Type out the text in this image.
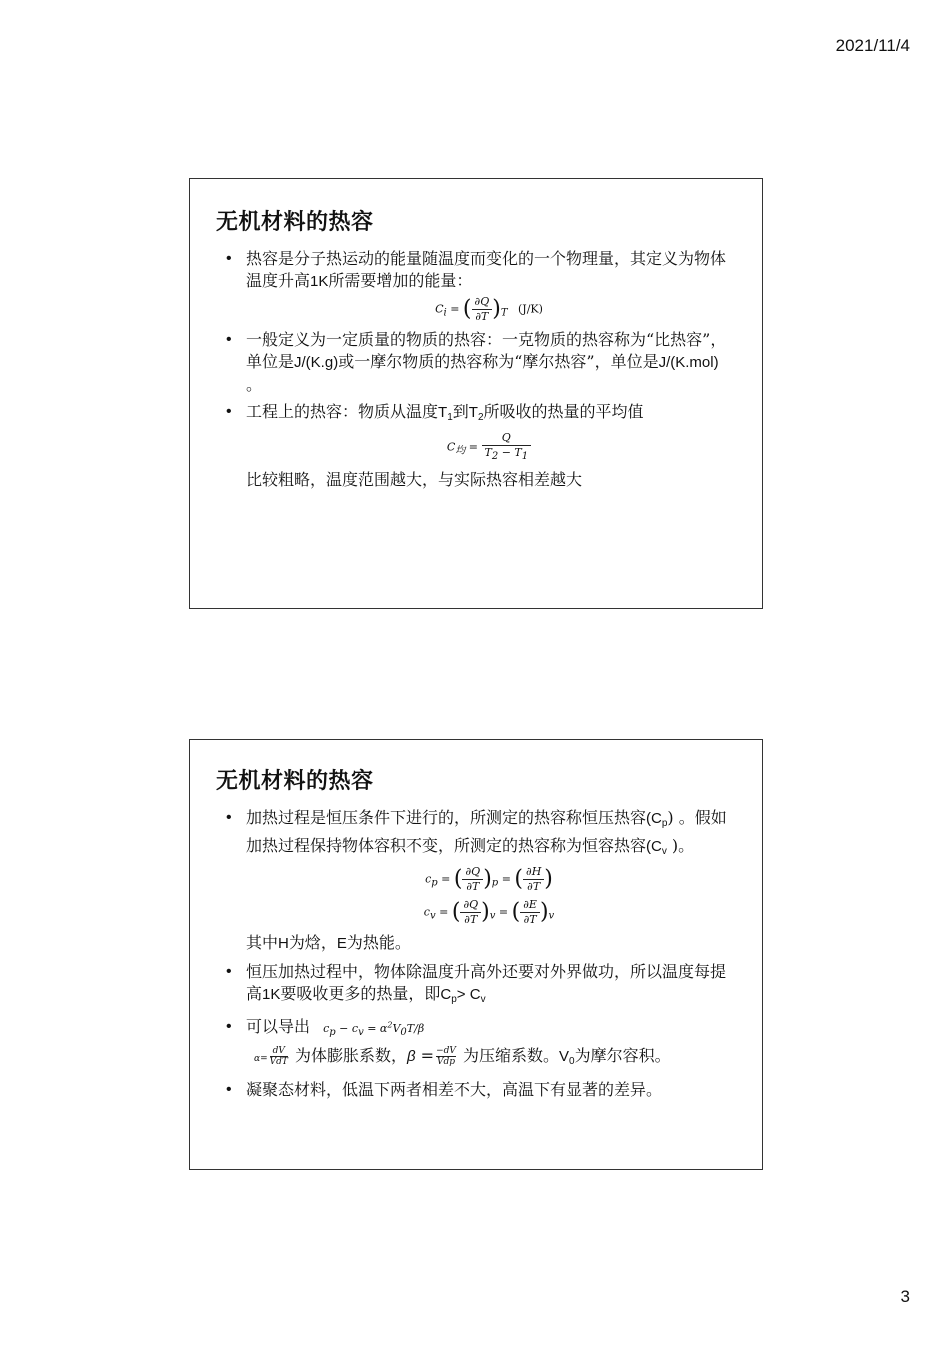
2021/11/4
无机材料的热容
• 热容是分子热运动的能量随温度而变化的一个物理量，其定义为物体温度升高1K所需要增加的能量：
$C_i$ = ( $\frac{\partial Q}{\partial T} )_T$ (J/K)
• 一般定义为一定质量的物质的热容：一克物质的热容称为“比热容”，单位是J/(K.g)或一摩尔物质的热容称为“摩尔热容”，单位是J/(K.mol) 。
• 工程上的热容：物质从温度$T_1$到$T_2$所吸收的热量的平均值
$C_均 = \frac{Q}{T_2 - T_1}$
比较粗略，温度范围越大，与实际热容相差越大
无机材料的热容
• 加热过程是恒压条件下进行的，所测定的热容称恒压热容$(C_p)$ 。假如加热过程保持物体容积不变，所测定的热容称为恒容热容($C_v$ )。
$c_p$ = ( $\frac{\partial Q}{\partial T} )_p$ = ( $\frac{\partial H}{\partial T}$ )
$c_v$ = ( $\frac{\partial Q}{\partial T} )_v$ = ( $\frac{\partial E}{\partial T} )_v$
其中H为焓，E为热能。
• 恒压加热过程中，物体除温度升高外还要对外界做功，所以温度每提高1K要吸收更多的热量，即$C_p> C_v$
• 可以导出 $c_p - c_v = \alpha^2V_0T/\beta$
$\alpha= \frac{dV}{\text{VdT}}$ 为体膨胀系数，$\beta = \frac{-dV}{\text{Vdp}}$ 为压缩系数。$V_0$为摩尔容积。
• 凝聚态材料，低温下两者相差不大，高温下有显著的差异。
3
